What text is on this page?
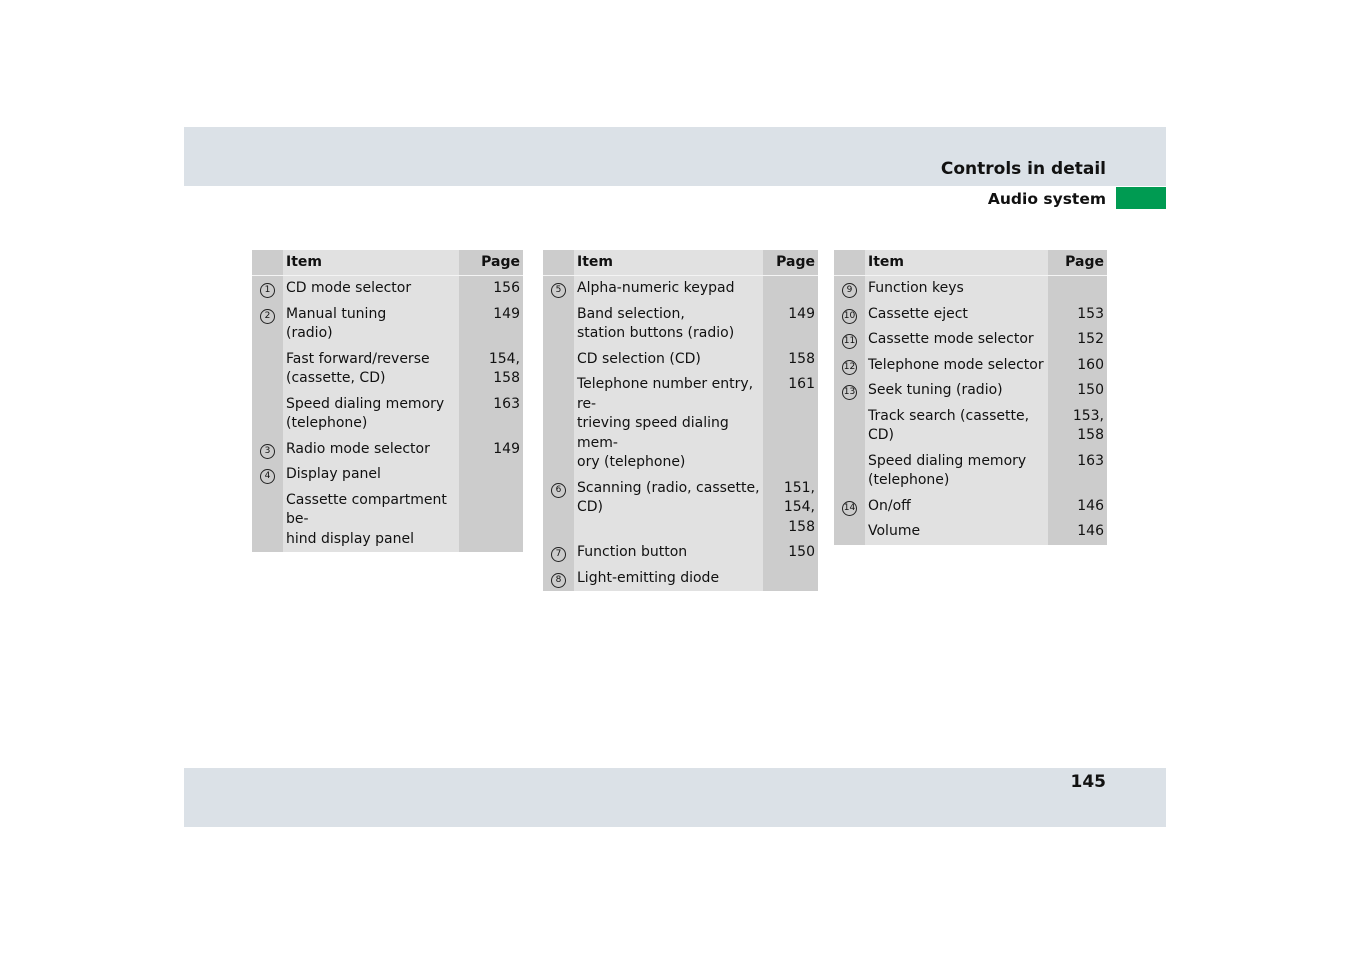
Controls in detail
Audio system
145
	Item	Page
1	CD mode selector	156
2	Manual tuning
(radio)	149
	Fast forward/reverse
(cassette, CD)	154,
158
	Speed dialing memory
(telephone)	163
3	Radio mode selector	149
4	Display panel	
	Cassette compartment be-
hind display panel	
	Item	Page
5	Alpha-numeric keypad	
	Band selection,
station buttons (radio)	149
	CD selection (CD)	158
	Telephone number entry, re-
trieving speed dialing mem-
ory (telephone)	161
6	Scanning (radio, cassette,
CD)	151,
154,
158
7	Function button	150
8	Light-emitting diode	
	Item	Page
9	Function keys	
10	Cassette eject	153
11	Cassette mode selector	152
12	Telephone mode selector	160
13	Seek tuning (radio)	150
	Track search (cassette, CD)	153,
158
	Speed dialing memory
(telephone)	163
14	On/off	146
	Volume	146
